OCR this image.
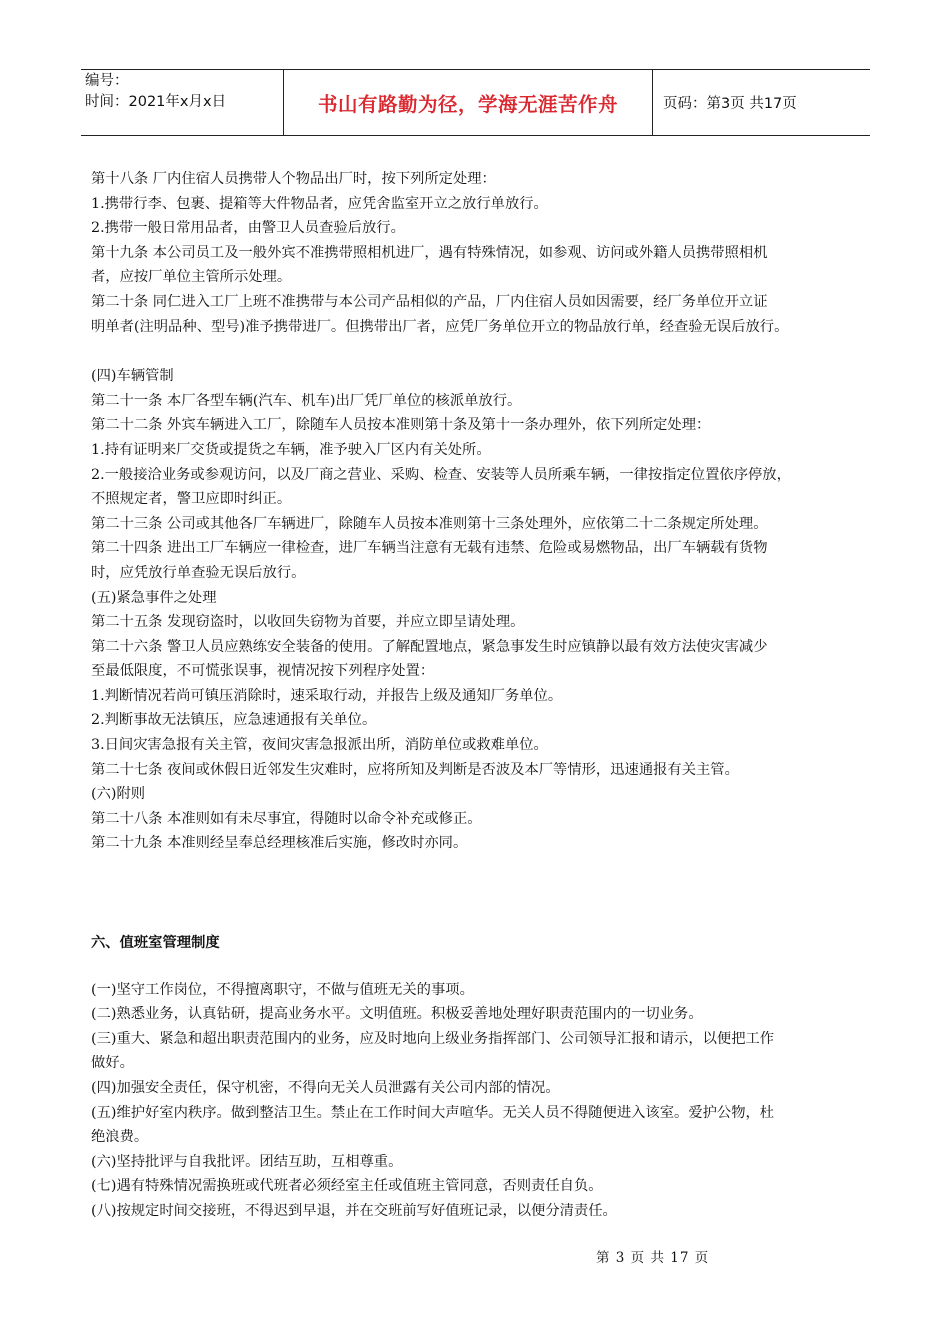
编号：
时间：2021年x月x日	书山有路勤为径，学海无涯苦作舟	页码：第3页 共17页

第十八条 厂内住宿人员携带人个物品出厂时，按下列所定处理：

1.携带行李、包裹、提箱等大件物品者，应凭舍监室开立之放行单放行。

2.携带一般日常用品者，由警卫人员查验后放行。

第十九条 本公司员工及一般外宾不准携带照相机进厂，遇有特殊情况，如参观、访问或外籍人员携带照相机

者，应按厂单位主管所示处理。

第二十条 同仁进入工厂上班不准携带与本公司产品相似的产品，厂内住宿人员如因需要，经厂务单位开立证

明单者(注明品种、型号)准予携带进厂。但携带出厂者，应凭厂务单位开立的物品放行单，经查验无误后放行。

(四)车辆管制

第二十一条 本厂各型车辆(汽车、机车)出厂凭厂单位的核派单放行。

第二十二条 外宾车辆进入工厂，除随车人员按本准则第十条及第十一条办理外，依下列所定处理：

1.持有证明来厂交货或提货之车辆，准予驶入厂区内有关处所。

2.一般接洽业务或参观访问，以及厂商之营业、采购、检查、安装等人员所乘车辆，一律按指定位置依序停放，

不照规定者，警卫应即时纠正。

第二十三条 公司或其他各厂车辆进厂，除随车人员按本准则第十三条处理外，应依第二十二条规定所处理。

第二十四条 进出工厂车辆应一律检查，进厂车辆当注意有无载有违禁、危险或易燃物品，出厂车辆载有货物

时，应凭放行单查验无误后放行。

(五)紧急事件之处理

第二十五条 发现窃盗时，以收回失窃物为首要，并应立即呈请处理。

第二十六条 警卫人员应熟练安全装备的使用。了解配置地点，紧急事发生时应镇静以最有效方法使灾害减少

至最低限度，不可慌张误事，视情况按下列程序处置：

1.判断情况若尚可镇压消除时，速采取行动，并报告上级及通知厂务单位。

2.判断事故无法镇压，应急速通报有关单位。

3.日间灾害急报有关主管，夜间灾害急报派出所，消防单位或救难单位。

第二十七条 夜间或休假日近邻发生灾难时，应将所知及判断是否波及本厂等情形，迅速通报有关主管。

(六)附则

第二十八条 本准则如有未尽事宜，得随时以命令补充或修正。

第二十九条 本准则经呈奉总经理核准后实施，修改时亦同。

六、值班室管理制度

(一)坚守工作岗位，不得擅离职守，不做与值班无关的事项。

(二)熟悉业务，认真钻研，提高业务水平。文明值班。积极妥善地处理好职责范围内的一切业务。

(三)重大、紧急和超出职责范围内的业务，应及时地向上级业务指挥部门、公司领导汇报和请示，以便把工作

做好。

(四)加强安全责任，保守机密，不得向无关人员泄露有关公司内部的情况。

(五)维护好室内秩序。做到整洁卫生。禁止在工作时间大声喧华。无关人员不得随便进入该室。爱护公物，杜

绝浪费。

(六)坚持批评与自我批评。团结互助，互相尊重。

(七)遇有特殊情况需换班或代班者必须经室主任或值班主管同意，否则责任自负。

(八)按规定时间交接班，不得迟到早退，并在交班前写好值班记录，以便分清责任。

第 3 页 共 17 页
